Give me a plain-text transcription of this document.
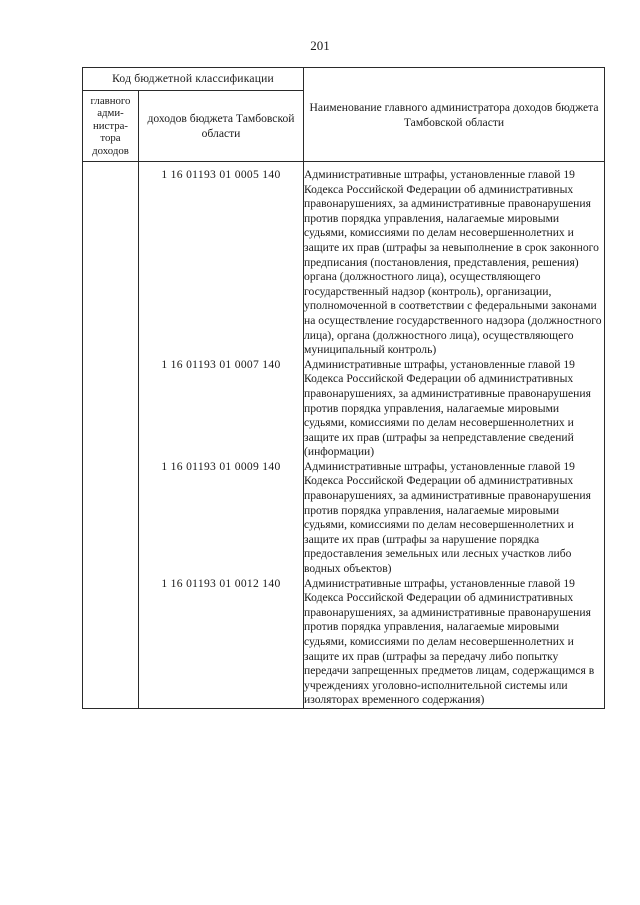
201
Код бюджетной классификации		Наименование главного администратора доходов бюджета Тамбовской области
главного адми-нистра-тора доходов	доходов бюджета Тамбовской области	
	1 16 01193 01 0005 140	Административные штрафы, установленные главой 19 Кодекса Российской Федерации об административных правонарушениях, за административные правонарушения против порядка управления, налагаемые мировыми судьями, комиссиями по делам несовершеннолетних и защите их прав (штрафы за невыполнение в срок законного предписания (постановления, представления, решения) органа (должностного лица), осуществляющего государственный надзор (контроль), организации, уполномоченной в соответствии с федеральными законами на осуществление государственного надзора (должностного лица), органа (должностного лица), осуществляющего муниципальный контроль)

	1 16 01193 01 0007 140	Административные штрафы, установленные главой 19 Кодекса Российской Федерации об административных правонарушениях, за административные правонарушения против порядка управления, налагаемые мировыми судьями, комиссиями по делам несовершеннолетних и защите их прав (штрафы за непредставление сведений (информации)

	1 16 01193 01 0009 140	Административные штрафы, установленные главой 19 Кодекса Российской Федерации об административных правонарушениях, за административные правонарушения против порядка управления, налагаемые мировыми судьями, комиссиями по делам несовершеннолетних и защите их прав (штрафы за нарушение порядка предоставления земельных или лесных участков либо водных объектов)

	1 16 01193 01 0012 140	Административные штрафы, установленные главой 19 Кодекса Российской Федерации об административных правонарушениях, за административные правонарушения против порядка управления, налагаемые мировыми судьями, комиссиями по делам несовершеннолетних и защите их прав (штрафы за передачу либо попытку передачи запрещенных предметов лицам, содержащимся в учреждениях уголовно-исполнительной системы или изоляторах временного содержания)
